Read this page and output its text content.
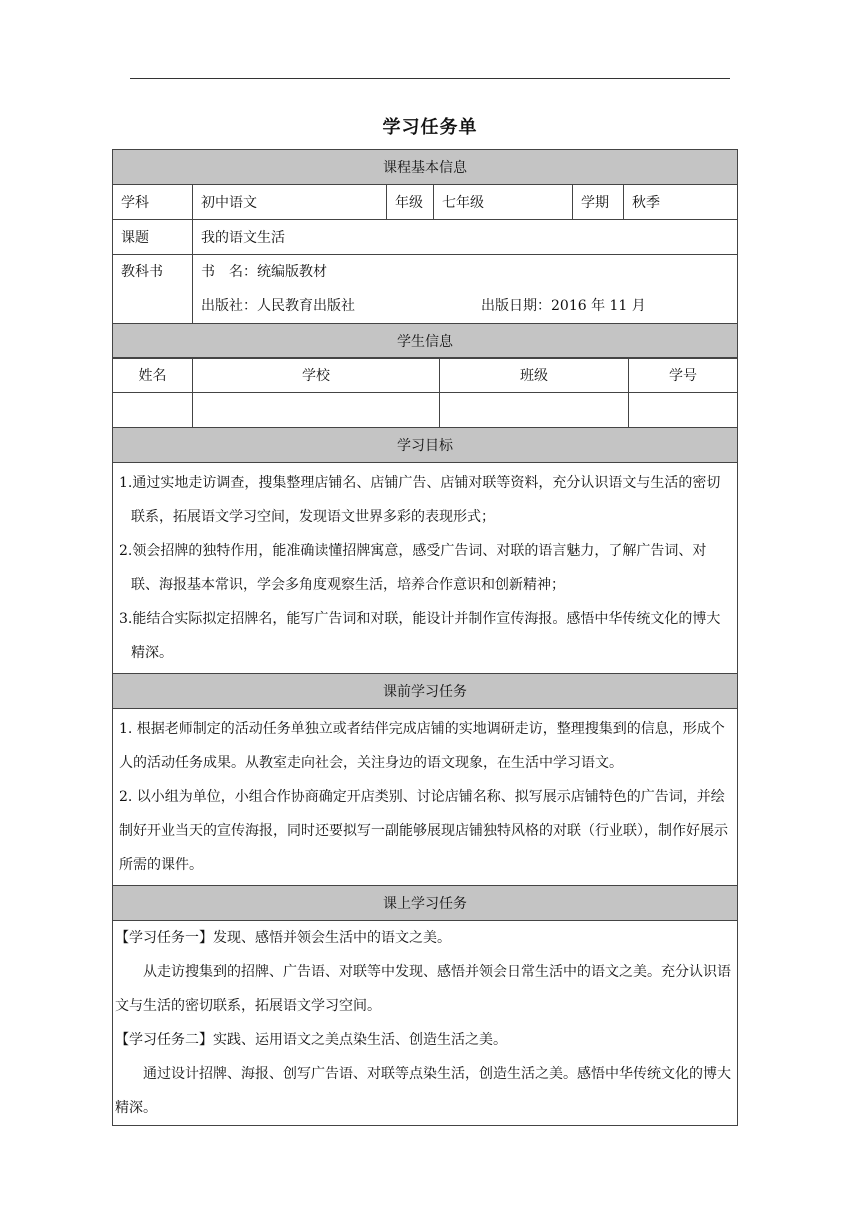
学习任务单
课程基本信息					
学科	初中语文	年级	七年级	学期	秋季
课题	我的语文生活				
教科书	书　名：统编版教材
出版社：人民教育出版社 出版日期：2016 年 11 月				

学生信息					
姓名	学校	班级	学号

学习目标			

1.通过实地走访调查，搜集整理店铺名、店铺广告、店铺对联等资料，充分认识语文与生活的密切联系，拓展语文学习空间，发现语文世界多彩的表现形式；

2.领会招牌的独特作用，能准确读懂招牌寓意，感受广告词、对联的语言魅力，了解广告词、对联、海报基本常识，学会多角度观察生活，培养合作意识和创新精神；

3.能结合实际拟定招牌名，能写广告词和对联，能设计并制作宣传海报。感悟中华传统文化的博大精深。			

课前学习任务			

1. 根据老师制定的活动任务单独立或者结伴完成店铺的实地调研走访，整理搜集到的信息，形成个人的活动任务成果。从教室走向社会，关注身边的语文现象，在生活中学习语文。

2. 以小组为单位，小组合作协商确定开店类别、讨论店铺名称、拟写展示店铺特色的广告词，并绘制好开业当天的宣传海报，同时还要拟写一副能够展现店铺独特风格的对联（行业联），制作好展示所需的课件。			

课上学习任务			

【学习任务一】发现、感悟并领会生活中的语文之美。

从走访搜集到的招牌、广告语、对联等中发现、感悟并领会日常生活中的语文之美。充分认识语文与生活的密切联系，拓展语文学习空间。

【学习任务二】实践、运用语文之美点染生活、创造生活之美。

通过设计招牌、海报、创写广告语、对联等点染生活，创造生活之美。感悟中华传统文化的博大精深。			
